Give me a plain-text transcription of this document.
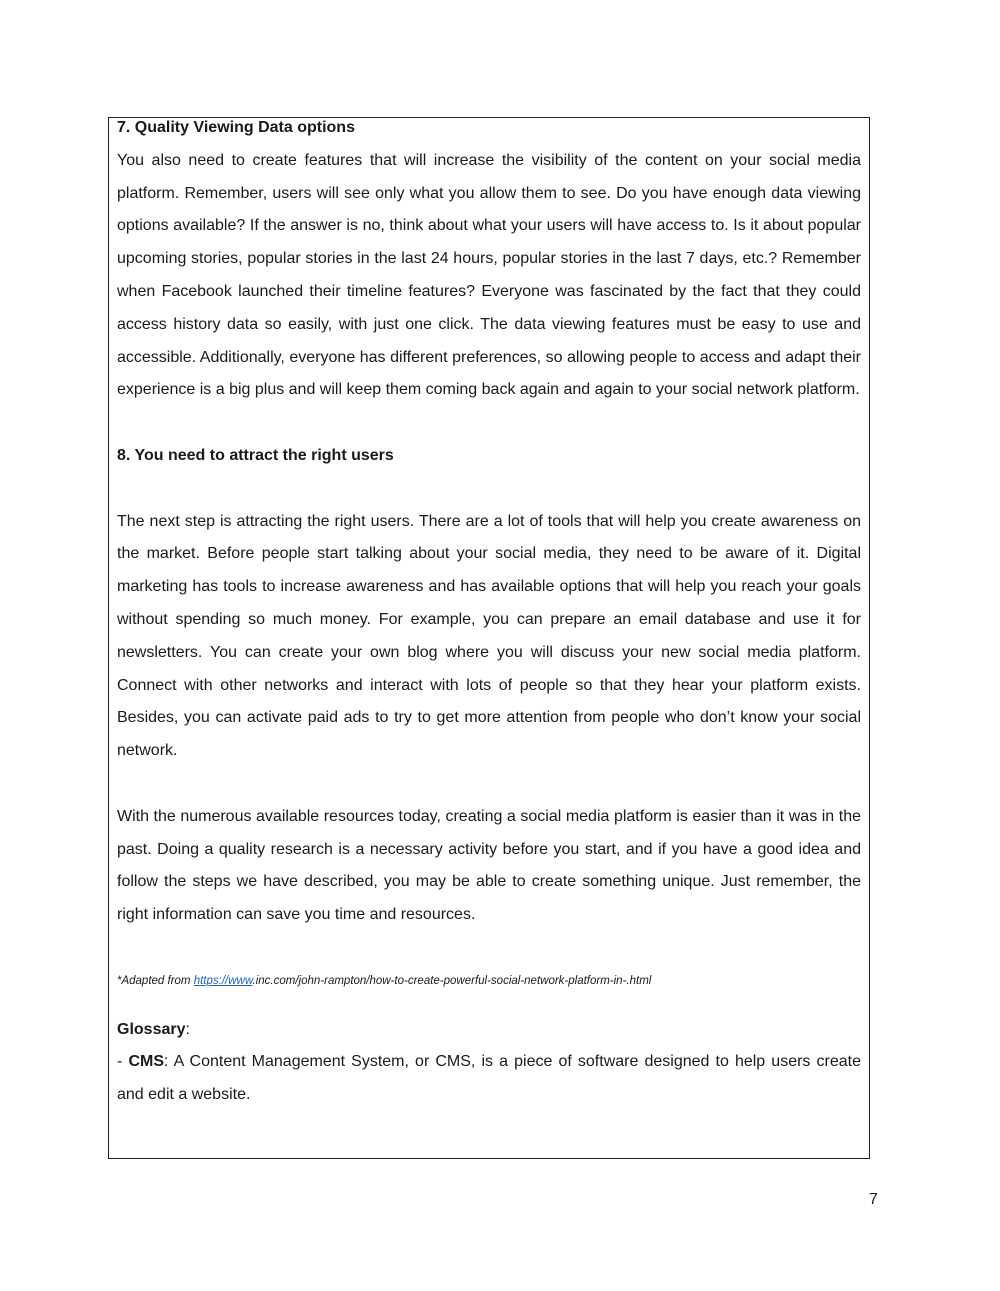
7. Quality Viewing Data options

You also need to create features that will increase the visibility of the content on your social media platform. Remember, users will see only what you allow them to see. Do you have enough data viewing options available? If the answer is no, think about what your users will have access to. Is it about popular upcoming stories, popular stories in the last 24 hours, popular stories in the last 7 days, etc.? Remember when Facebook launched their timeline features? Everyone was fascinated by the fact that they could access history data so easily, with just one click. The data viewing features must be easy to use and accessible. Additionally, everyone has different preferences, so allowing people to access and adapt their experience is a big plus and will keep them coming back again and again to your social network platform.

8. You need to attract the right users

The next step is attracting the right users. There are a lot of tools that will help you create awareness on the market. Before people start talking about your social media, they need to be aware of it. Digital marketing has tools to increase awareness and has available options that will help you reach your goals without spending so much money. For example, you can prepare an email database and use it for newsletters. You can create your own blog where you will discuss your new social media platform. Connect with other networks and interact with lots of people so that they hear your platform exists. Besides, you can activate paid ads to try to get more attention from people who don’t know your social network.

With the numerous available resources today, creating a social media platform is easier than it was in the past. Doing a quality research is a necessary activity before you start, and if you have a good idea and follow the steps we have described, you may be able to create something unique. Just remember, the right information can save you time and resources.

*Adapted from https://www.inc.com/john-rampton/how-to-create-powerful-social-network-platform-in-.html

Glossary:

- CMS: A Content Management System, or CMS, is a piece of software designed to help users create and edit a website.

7
